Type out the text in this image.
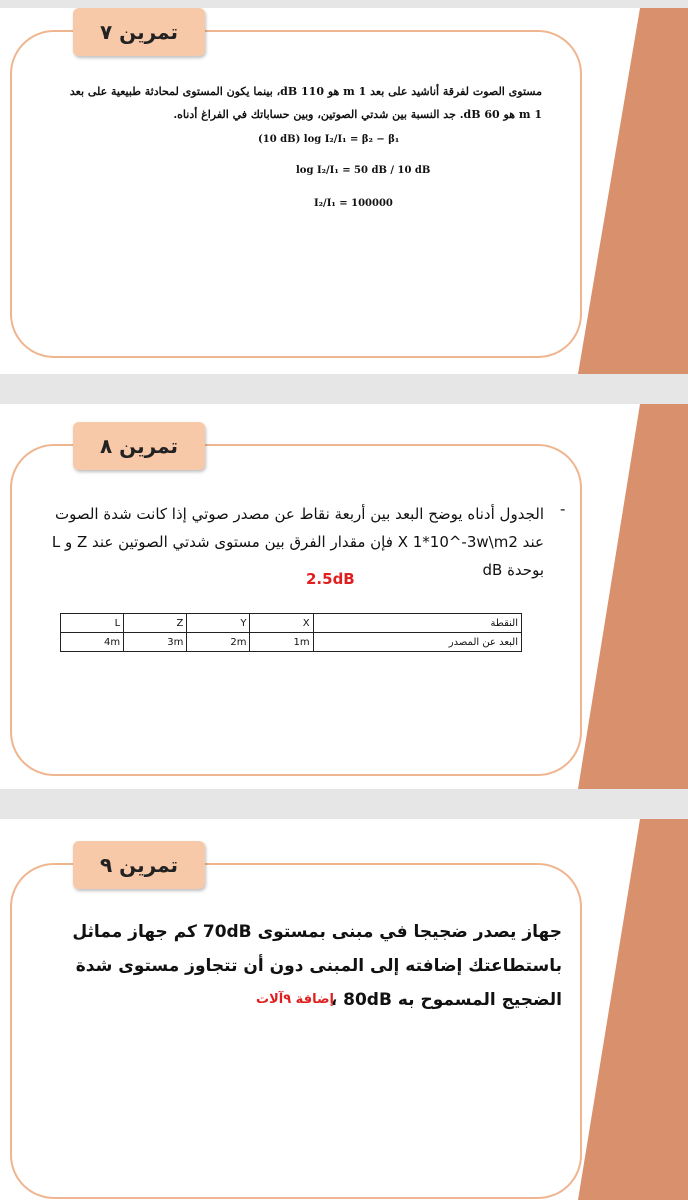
تمرين ٧
مستوى الصوت لفرقة أناشيد على بعد 1 m هو 110 dB، بينما يكون المستوى لمحادثة طبيعية على بعد 1 m هو 60 dB. جد النسبة بين شدتي الصوتين، وبين حساباتك في الفراغ أدناه.
(10 dB) log I₂/I₁ = β₂ − β₁
log I₂/I₁ = 50 dB / 10 dB
I₂/I₁ = 100000
تمرين ٨
-
الجدول أدناه يوضح البعد بين أربعة نقاط عن مصدر صوتي إذا كانت شدة الصوت عند X 1*10^-3w\m2 فإن مقدار الفرق بين مستوى شدتي الصوتين عند Z و L بوحدة dB
2.5dB
L	Z	Y	X	النقطة
4m	3m	2m	1m	البعد عن المصدر
تمرين ٩
جهاز يصدر ضجيجا في مبنى بمستوى 70dB كم جهاز مماثل باستطاعتك إضافته إلى المبنى دون أن تتجاوز مستوى شدة الضجيج المسموح به 80dB ،
إضافة ٩آلات
